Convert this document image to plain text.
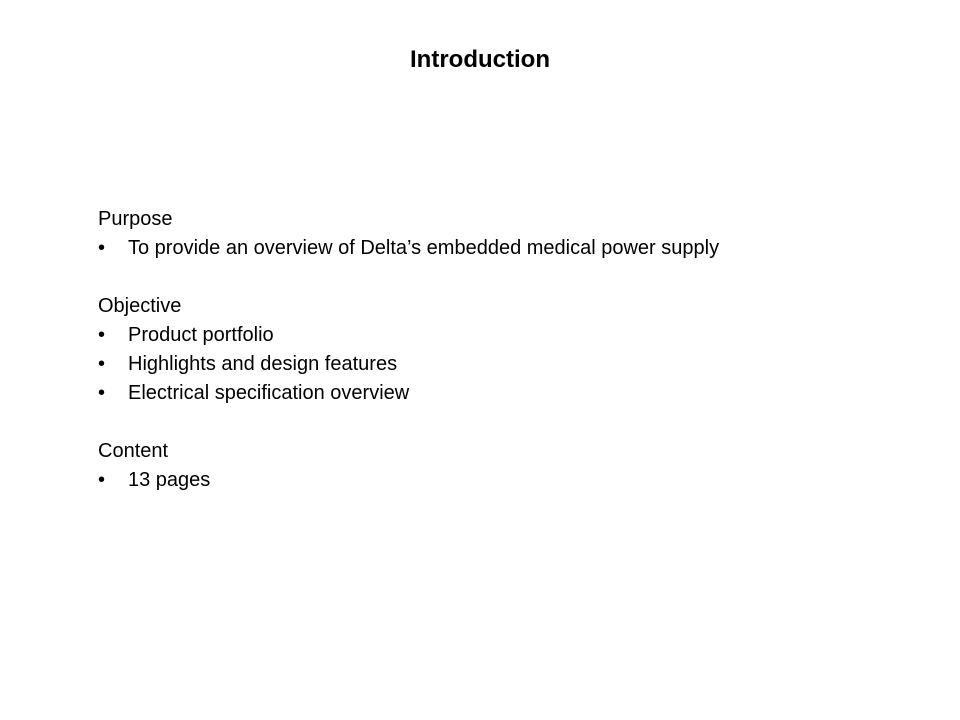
Introduction
Purpose
•	To provide an overview of Delta’s embedded medical power supply
Objective
•	Product portfolio
•	Highlights and design features
•	Electrical specification overview
Content
•	13 pages
